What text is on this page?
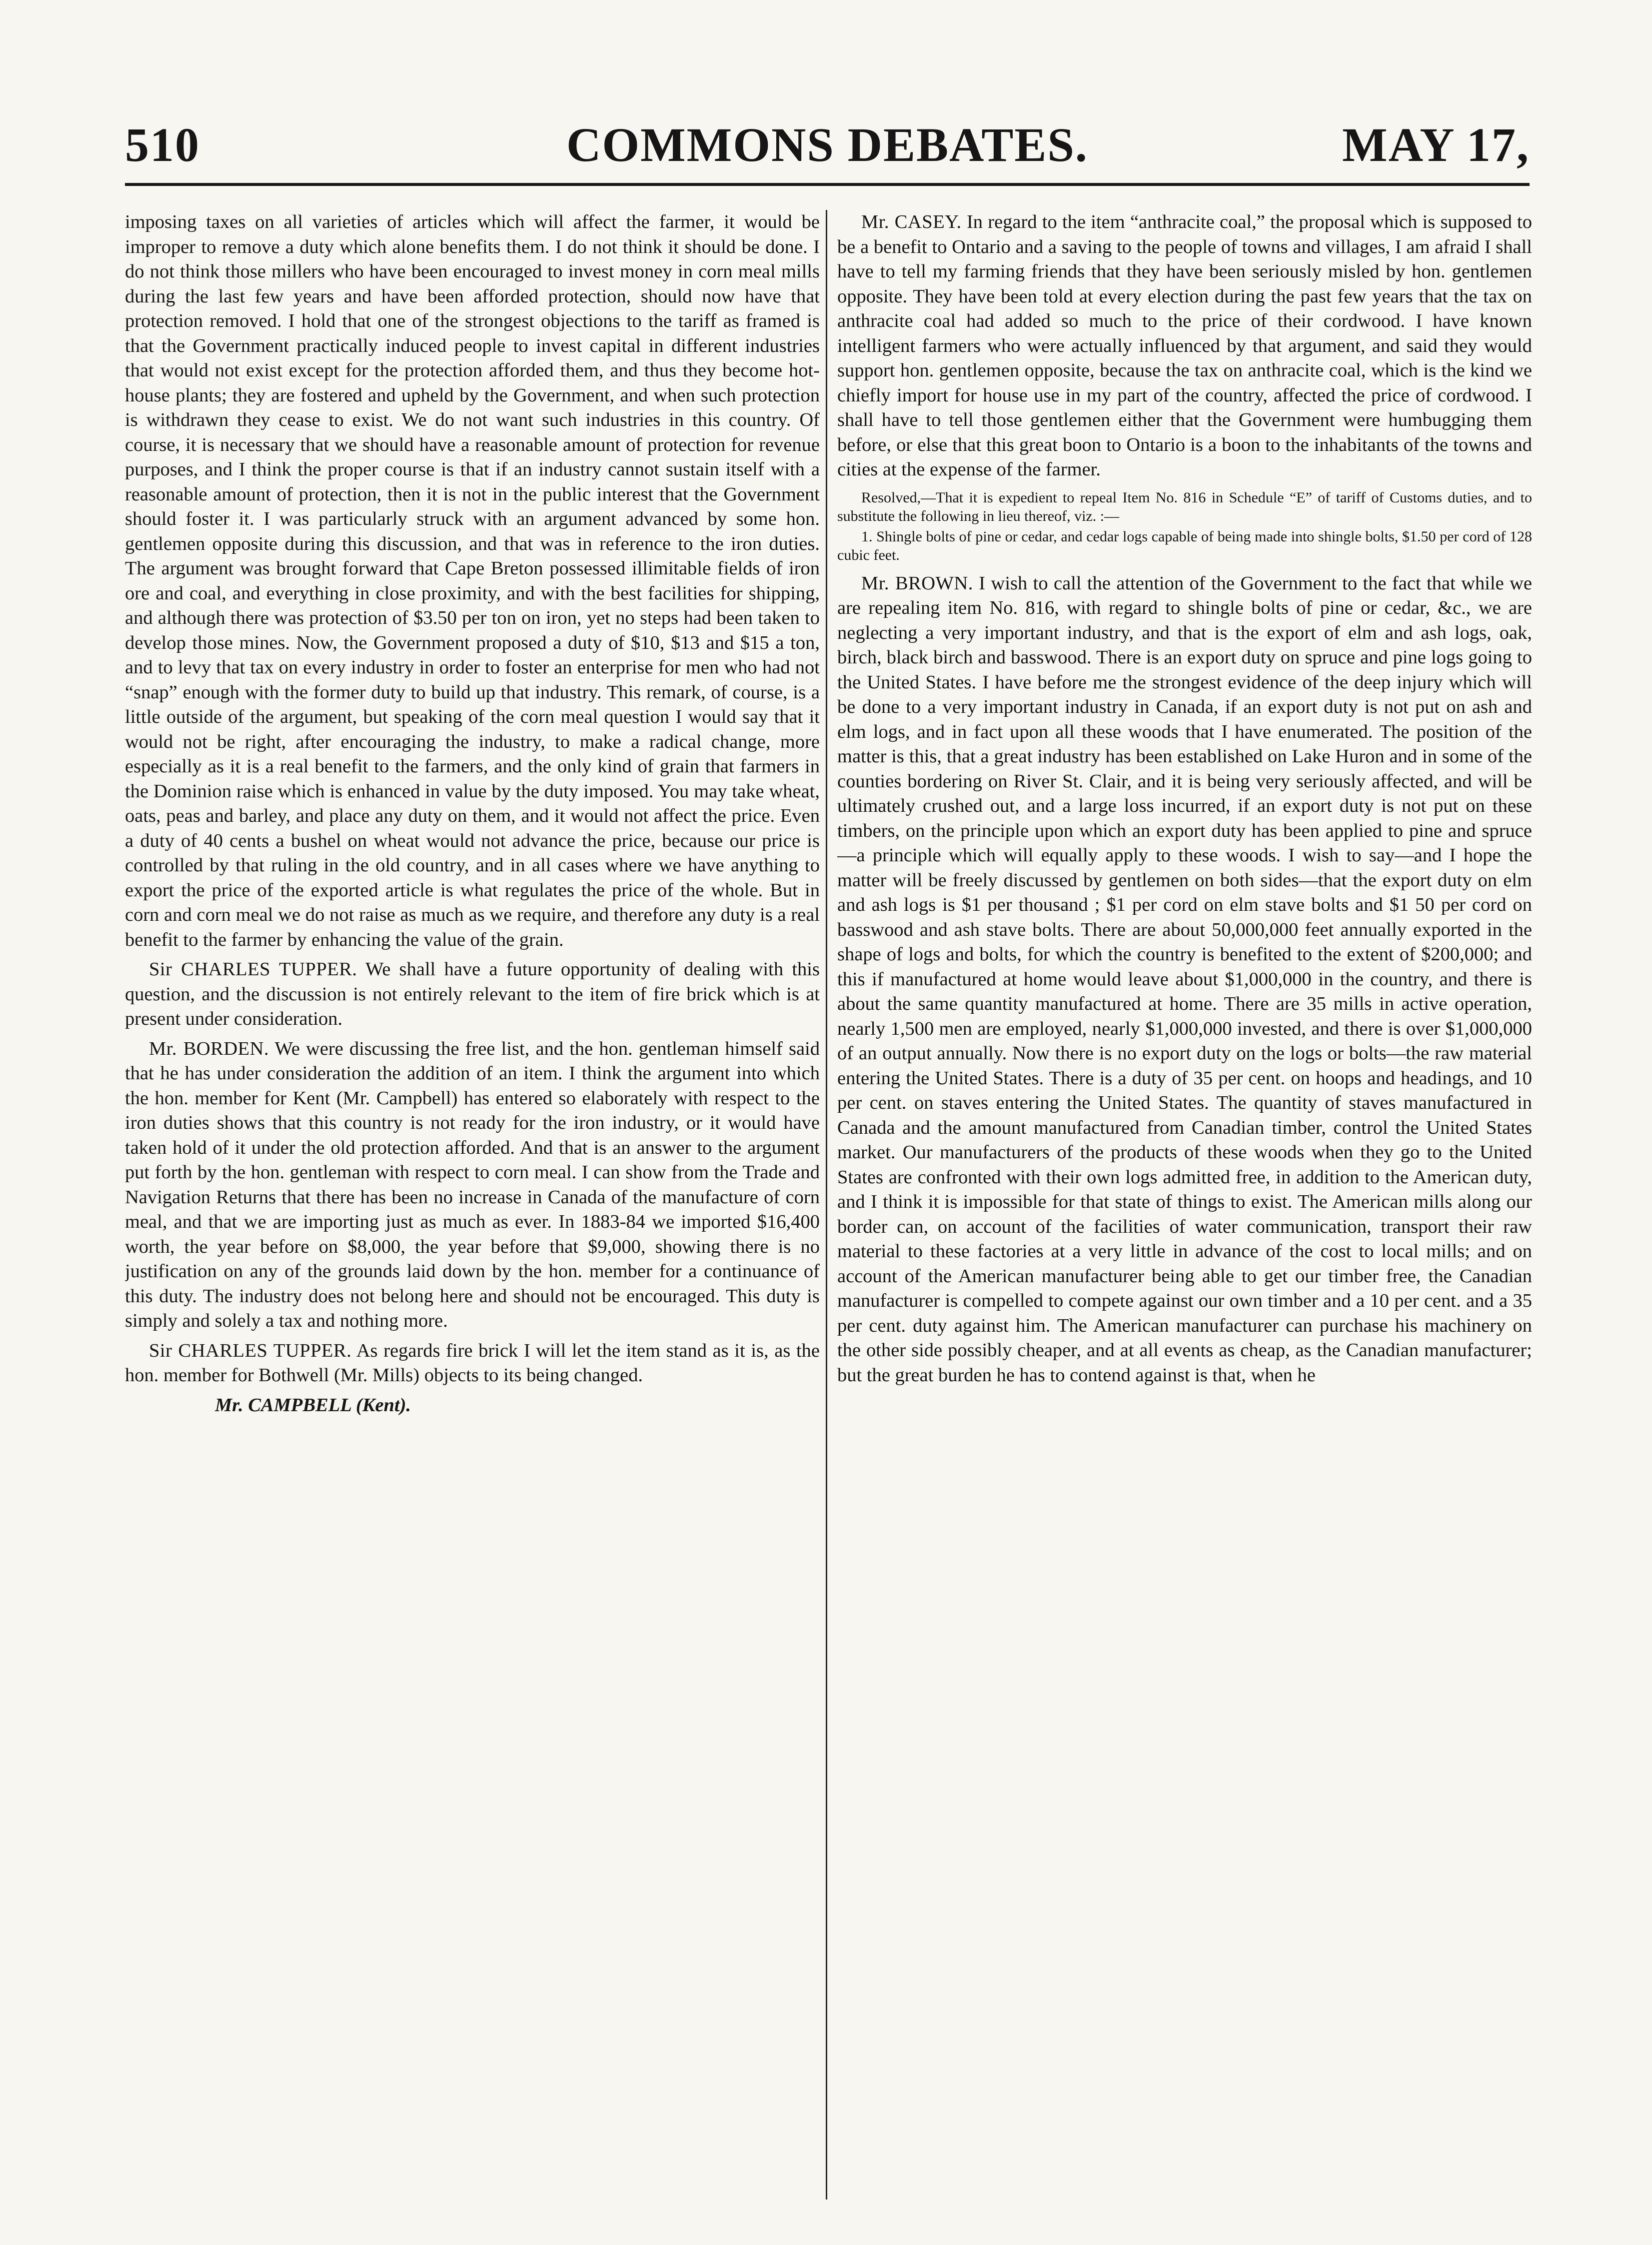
510	COMMONS DEBATES.	MAY 17,

imposing taxes on all varieties of articles which will affect the farmer, it would be improper to remove a duty which alone benefits them. I do not think it should be done. I do not think those millers who have been encouraged to invest money in corn meal mills during the last few years and have been afforded protection, should now have that protection removed. I hold that one of the strongest objections to the tariff as framed is that the Government practically induced people to invest capital in different industries that would not exist except for the protection afforded them, and thus they become hot-house plants; they are fostered and upheld by the Government, and when such protection is withdrawn they cease to exist. We do not want such industries in this country. Of course, it is necessary that we should have a reasonable amount of protection for revenue purposes, and I think the proper course is that if an industry cannot sustain itself with a reasonable amount of protection, then it is not in the public interest that the Government should foster it. I was particularly struck with an argument advanced by some hon. gentlemen opposite during this discussion, and that was in reference to the iron duties. The argument was brought forward that Cape Breton possessed illimitable fields of iron ore and coal, and everything in close proximity, and with the best facilities for shipping, and although there was protection of $3.50 per ton on iron, yet no steps had been taken to develop those mines. Now, the Government proposed a duty of $10, $13 and $15 a ton, and to levy that tax on every industry in order to foster an enterprise for men who had not “snap” enough with the former duty to build up that industry. This remark, of course, is a little outside of the argument, but speaking of the corn meal question I would say that it would not be right, after encouraging the industry, to make a radical change, more especially as it is a real benefit to the farmers, and the only kind of grain that farmers in the Dominion raise which is enhanced in value by the duty imposed. You may take wheat, oats, peas and barley, and place any duty on them, and it would not affect the price. Even a duty of 40 cents a bushel on wheat would not advance the price, because our price is controlled by that ruling in the old country, and in all cases where we have anything to export the price of the exported article is what regulates the price of the whole. But in corn and corn meal we do not raise as much as we require, and therefore any duty is a real benefit to the farmer by enhancing the value of the grain.

Sir CHARLES TUPPER. We shall have a future opportunity of dealing with this question, and the discussion is not entirely relevant to the item of fire brick which is at present under consideration.

Mr. BORDEN. We were discussing the free list, and the hon. gentleman himself said that he has under consideration the addition of an item. I think the argument into which the hon. member for Kent (Mr. Campbell) has entered so elaborately with respect to the iron duties shows that this country is not ready for the iron industry, or it would have taken hold of it under the old protection afforded. And that is an answer to the argument put forth by the hon. gentleman with respect to corn meal. I can show from the Trade and Navigation Returns that there has been no increase in Canada of the manufacture of corn meal, and that we are importing just as much as ever. In 1883-84 we imported $16,400 worth, the year before on $8,000, the year before that $9,000, showing there is no justification on any of the grounds laid down by the hon. member for a continuance of this duty. The industry does not belong here and should not be encouraged. This duty is simply and solely a tax and nothing more.

Sir CHARLES TUPPER. As regards fire brick I will let the item stand as it is, as the hon. member for Bothwell (Mr. Mills) objects to its being changed.

Mr. CAMPBELL (Kent).

Mr. CASEY. In regard to the item “anthracite coal,” the proposal which is supposed to be a benefit to Ontario and a saving to the people of towns and villages, I am afraid I shall have to tell my farming friends that they have been seriously misled by hon. gentlemen opposite. They have been told at every election during the past few years that the tax on anthracite coal had added so much to the price of their cordwood. I have known intelligent farmers who were actually influenced by that argument, and said they would support hon. gentlemen opposite, because the tax on anthracite coal, which is the kind we chiefly import for house use in my part of the country, affected the price of cordwood. I shall have to tell those gentlemen either that the Government were humbugging them before, or else that this great boon to Ontario is a boon to the inhabitants of the towns and cities at the expense of the farmer.

Resolved,—That it is expedient to repeal Item No. 816 in Schedule “E” of tariff of Customs duties, and to substitute the following in lieu thereof, viz. :—

1. Shingle bolts of pine or cedar, and cedar logs capable of being made into shingle bolts, $1.50 per cord of 128 cubic feet.

Mr. BROWN. I wish to call the attention of the Government to the fact that while we are repealing item No. 816, with regard to shingle bolts of pine or cedar, &c., we are neglecting a very important industry, and that is the export of elm and ash logs, oak, birch, black birch and basswood. There is an export duty on spruce and pine logs going to the United States. I have before me the strongest evidence of the deep injury which will be done to a very important industry in Canada, if an export duty is not put on ash and elm logs, and in fact upon all these woods that I have enumerated. The position of the matter is this, that a great industry has been established on Lake Huron and in some of the counties bordering on River St. Clair, and it is being very seriously affected, and will be ultimately crushed out, and a large loss incurred, if an export duty is not put on these timbers, on the principle upon which an export duty has been applied to pine and spruce—a principle which will equally apply to these woods. I wish to say—and I hope the matter will be freely discussed by gentlemen on both sides—that the export duty on elm and ash logs is $1 per thousand ; $1 per cord on elm stave bolts and $1 50 per cord on basswood and ash stave bolts. There are about 50,000,000 feet annually exported in the shape of logs and bolts, for which the country is benefited to the extent of $200,000; and this if manufactured at home would leave about $1,000,000 in the country, and there is about the same quantity manufactured at home. There are 35 mills in active operation, nearly 1,500 men are employed, nearly $1,000,000 invested, and there is over $1,000,000 of an output annually. Now there is no export duty on the logs or bolts—the raw material entering the United States. There is a duty of 35 per cent. on hoops and headings, and 10 per cent. on staves entering the United States. The quantity of staves manufactured in Canada and the amount manufactured from Canadian timber, control the United States market. Our manufacturers of the products of these woods when they go to the United States are confronted with their own logs admitted free, in addition to the American duty, and I think it is impossible for that state of things to exist. The American mills along our border can, on account of the facilities of water communication, transport their raw material to these factories at a very little in advance of the cost to local mills; and on account of the American manufacturer being able to get our timber free, the Canadian manufacturer is compelled to compete against our own timber and a 10 per cent. and a 35 per cent. duty against him. The American manufacturer can purchase his machinery on the other side possibly cheaper, and at all events as cheap, as the Canadian manufacturer; but the great burden he has to contend against is that, when he
